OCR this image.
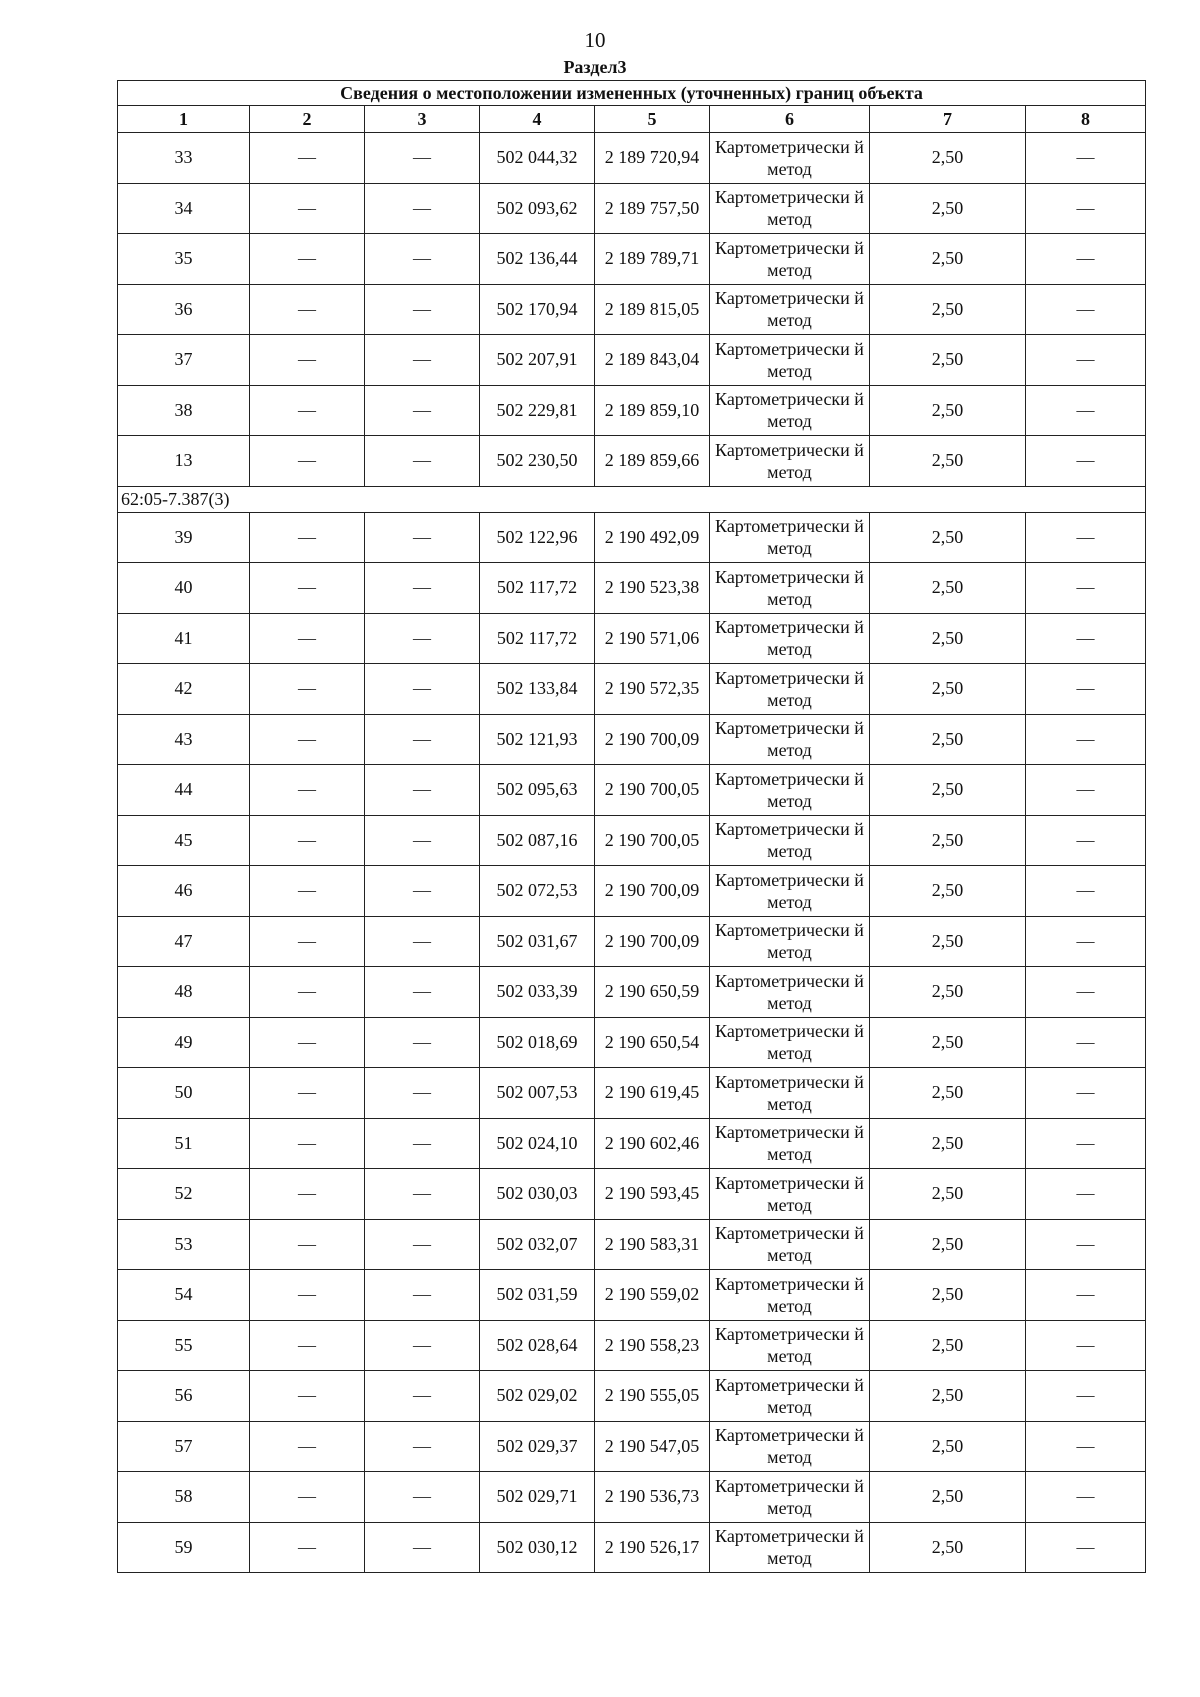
10
Раздел3
Сведения о местоположении измененных (уточненных) границ объекта							
1	2	3	4	5	6	7	8
33	—	—	502 044,32	2 189 720,94	Картометрически й метод	2,50	—
34	—	—	502 093,62	2 189 757,50	Картометрически й метод	2,50	—
35	—	—	502 136,44	2 189 789,71	Картометрически й метод	2,50	—
36	—	—	502 170,94	2 189 815,05	Картометрически й метод	2,50	—
37	—	—	502 207,91	2 189 843,04	Картометрически й метод	2,50	—
38	—	—	502 229,81	2 189 859,10	Картометрически й метод	2,50	—
13	—	—	502 230,50	2 189 859,66	Картометрически й метод	2,50	—
62:05-7.387(3)							
39	—	—	502 122,96	2 190 492,09	Картометрически й метод	2,50	—
40	—	—	502 117,72	2 190 523,38	Картометрически й метод	2,50	—
41	—	—	502 117,72	2 190 571,06	Картометрически й метод	2,50	—
42	—	—	502 133,84	2 190 572,35	Картометрически й метод	2,50	—
43	—	—	502 121,93	2 190 700,09	Картометрически й метод	2,50	—
44	—	—	502 095,63	2 190 700,05	Картометрически й метод	2,50	—
45	—	—	502 087,16	2 190 700,05	Картометрически й метод	2,50	—
46	—	—	502 072,53	2 190 700,09	Картометрически й метод	2,50	—
47	—	—	502 031,67	2 190 700,09	Картометрически й метод	2,50	—
48	—	—	502 033,39	2 190 650,59	Картометрически й метод	2,50	—
49	—	—	502 018,69	2 190 650,54	Картометрически й метод	2,50	—
50	—	—	502 007,53	2 190 619,45	Картометрически й метод	2,50	—
51	—	—	502 024,10	2 190 602,46	Картометрически й метод	2,50	—
52	—	—	502 030,03	2 190 593,45	Картометрически й метод	2,50	—
53	—	—	502 032,07	2 190 583,31	Картометрически й метод	2,50	—
54	—	—	502 031,59	2 190 559,02	Картометрически й метод	2,50	—
55	—	—	502 028,64	2 190 558,23	Картометрически й метод	2,50	—
56	—	—	502 029,02	2 190 555,05	Картометрически й метод	2,50	—
57	—	—	502 029,37	2 190 547,05	Картометрически й метод	2,50	—
58	—	—	502 029,71	2 190 536,73	Картометрически й метод	2,50	—
59	—	—	502 030,12	2 190 526,17	Картометрически й метод	2,50	—
